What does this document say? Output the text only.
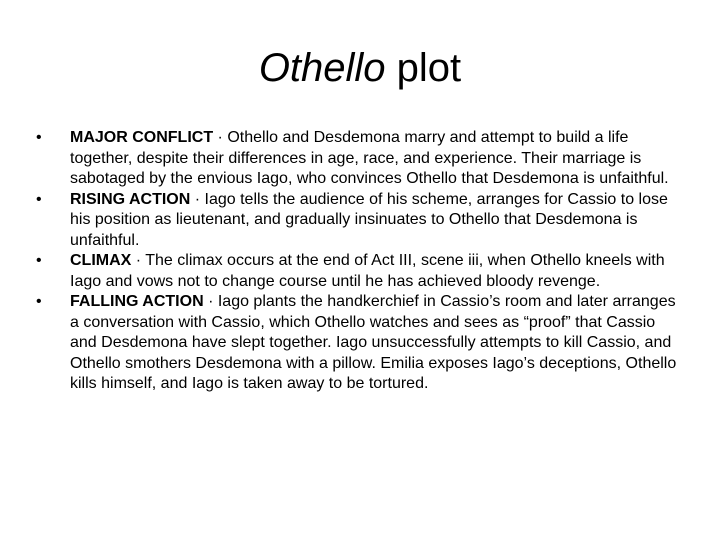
Othello plot
•	MAJOR CONFLICT · Othello and Desdemona marry and attempt to build a life together, despite their differences in age, race, and experience. Their marriage is sabotaged by the envious Iago, who convinces Othello that Desdemona is unfaithful.
•	RISING ACTION · Iago tells the audience of his scheme, arranges for Cassio to lose his position as lieutenant, and gradually insinuates to Othello that Desdemona is unfaithful.
•	CLIMAX · The climax occurs at the end of Act III, scene iii, when Othello kneels with Iago and vows not to change course until he has achieved bloody revenge.
•	FALLING ACTION · Iago plants the handkerchief in Cassio’s room and later arranges a conversation with Cassio, which Othello watches and sees as “proof” that Cassio and Desdemona have slept together. Iago unsuccessfully attempts to kill Cassio, and Othello smothers Desdemona with a pillow. Emilia exposes Iago’s deceptions, Othello kills himself, and Iago is taken away to be tortured.
